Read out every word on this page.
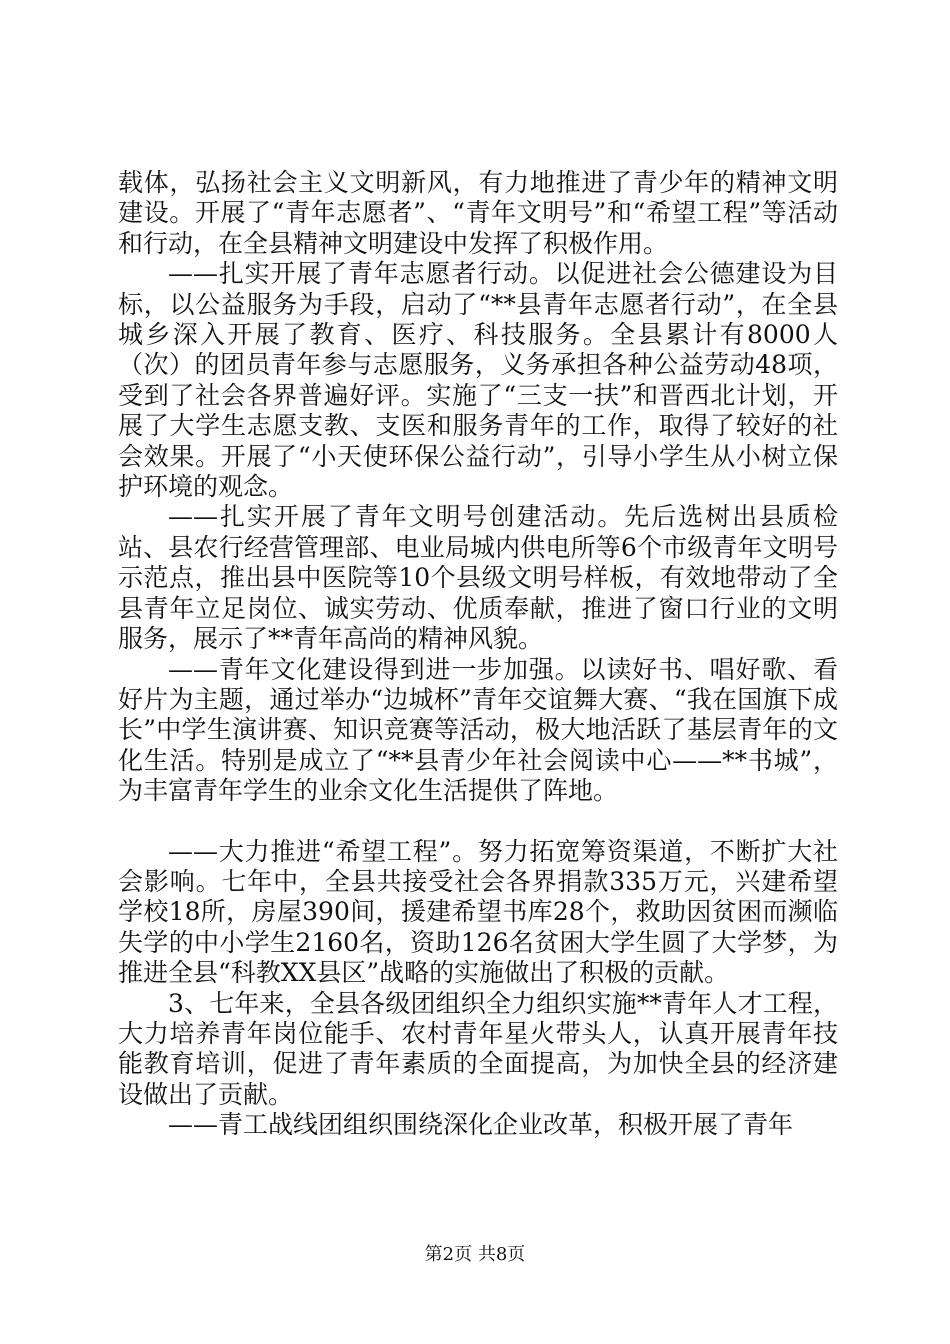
载体，弘扬社会主义文明新风，有力地推进了青少年的精神文明建设。开展了“青年志愿者”、“青年文明号”和“希望工程”等活动和行动，在全县精神文明建设中发挥了积极作用。

——扎实开展了青年志愿者行动。以促进社会公德建设为目标，以公益服务为手段，启动了“**县青年志愿者行动”，在全县城乡深入开展了教育、医疗、科技服务。全县累计有8000人（次）的团员青年参与志愿服务，义务承担各种公益劳动48项，受到了社会各界普遍好评。实施了“三支一扶”和晋西北计划，开展了大学生志愿支教、支医和服务青年的工作，取得了较好的社会效果。开展了“小天使环保公益行动”，引导小学生从小树立保护环境的观念。

——扎实开展了青年文明号创建活动。先后选树出县质检站、县农行经营管理部、电业局城内供电所等6个市级青年文明号示范点，推出县中医院等10个县级文明号样板，有效地带动了全县青年立足岗位、诚实劳动、优质奉献，推进了窗口行业的文明服务，展示了**青年高尚的精神风貌。

——青年文化建设得到进一步加强。以读好书、唱好歌、看好片为主题，通过举办“边城杯”青年交谊舞大赛、“我在国旗下成长”中学生演讲赛、知识竞赛等活动，极大地活跃了基层青年的文化生活。特别是成立了“**县青少年社会阅读中心——**书城”，为丰富青年学生的业余文化生活提供了阵地。

——大力推进“希望工程”。努力拓宽筹资渠道，不断扩大社会影响。七年中，全县共接受社会各界捐款335万元，兴建希望学校18所，房屋390间，援建希望书库28个，救助因贫困而濒临失学的中小学生2160名，资助126名贫困大学生圆了大学梦，为推进全县“科教XX县区”战略的实施做出了积极的贡献。

3、七年来，全县各级团组织全力组织实施**青年人才工程，大力培养青年岗位能手、农村青年星火带头人，认真开展青年技能教育培训，促进了青年素质的全面提高，为加快全县的经济建设做出了贡献。

——青工战线团组织围绕深化企业改革，积极开展了青年

第2页 共8页
